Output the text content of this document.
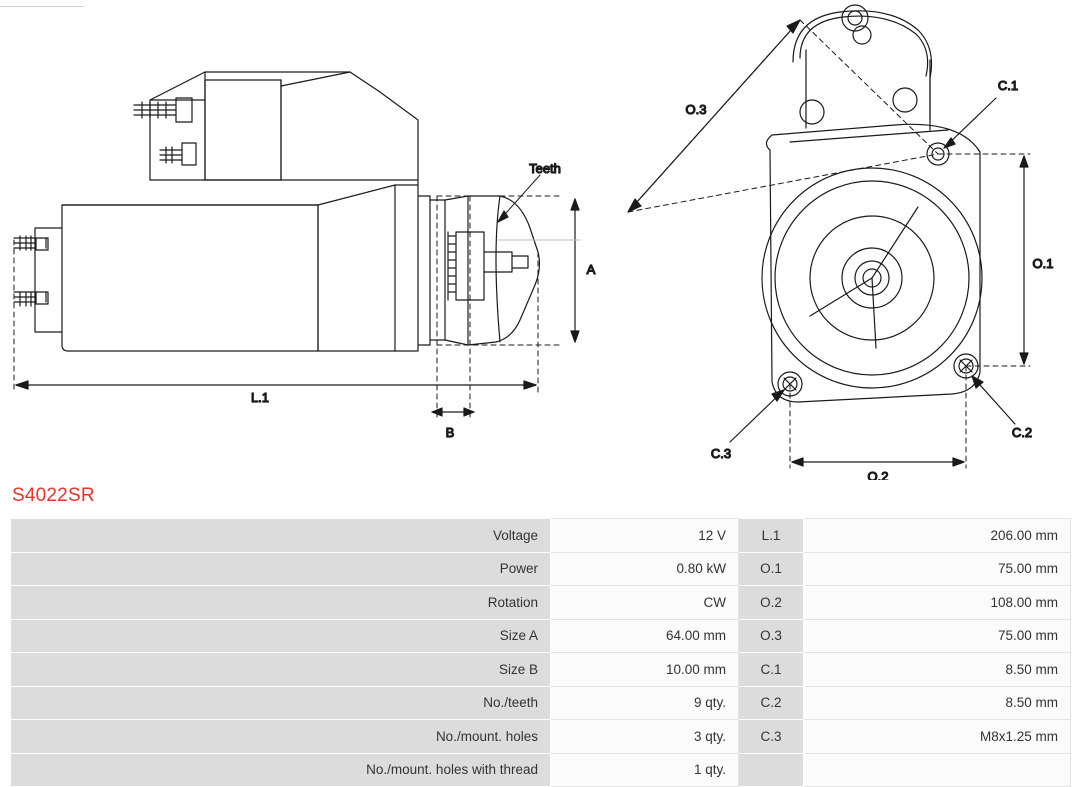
L.1
B
A
Teeth
O.1
O.2
O.3
C.1
C.2
C.3
S4022SR
Voltage	12 V	L.1	206.00 mm
Power	0.80 kW	O.1	75.00 mm
Rotation	CW	O.2	108.00 mm
Size A	64.00 mm	O.3	75.00 mm
Size B	10.00 mm	C.1	8.50 mm
No./teeth	9 qty.	C.2	8.50 mm
No./mount. holes	3 qty.	C.3	M8x1.25 mm
No./mount. holes with thread	1 qty.		
